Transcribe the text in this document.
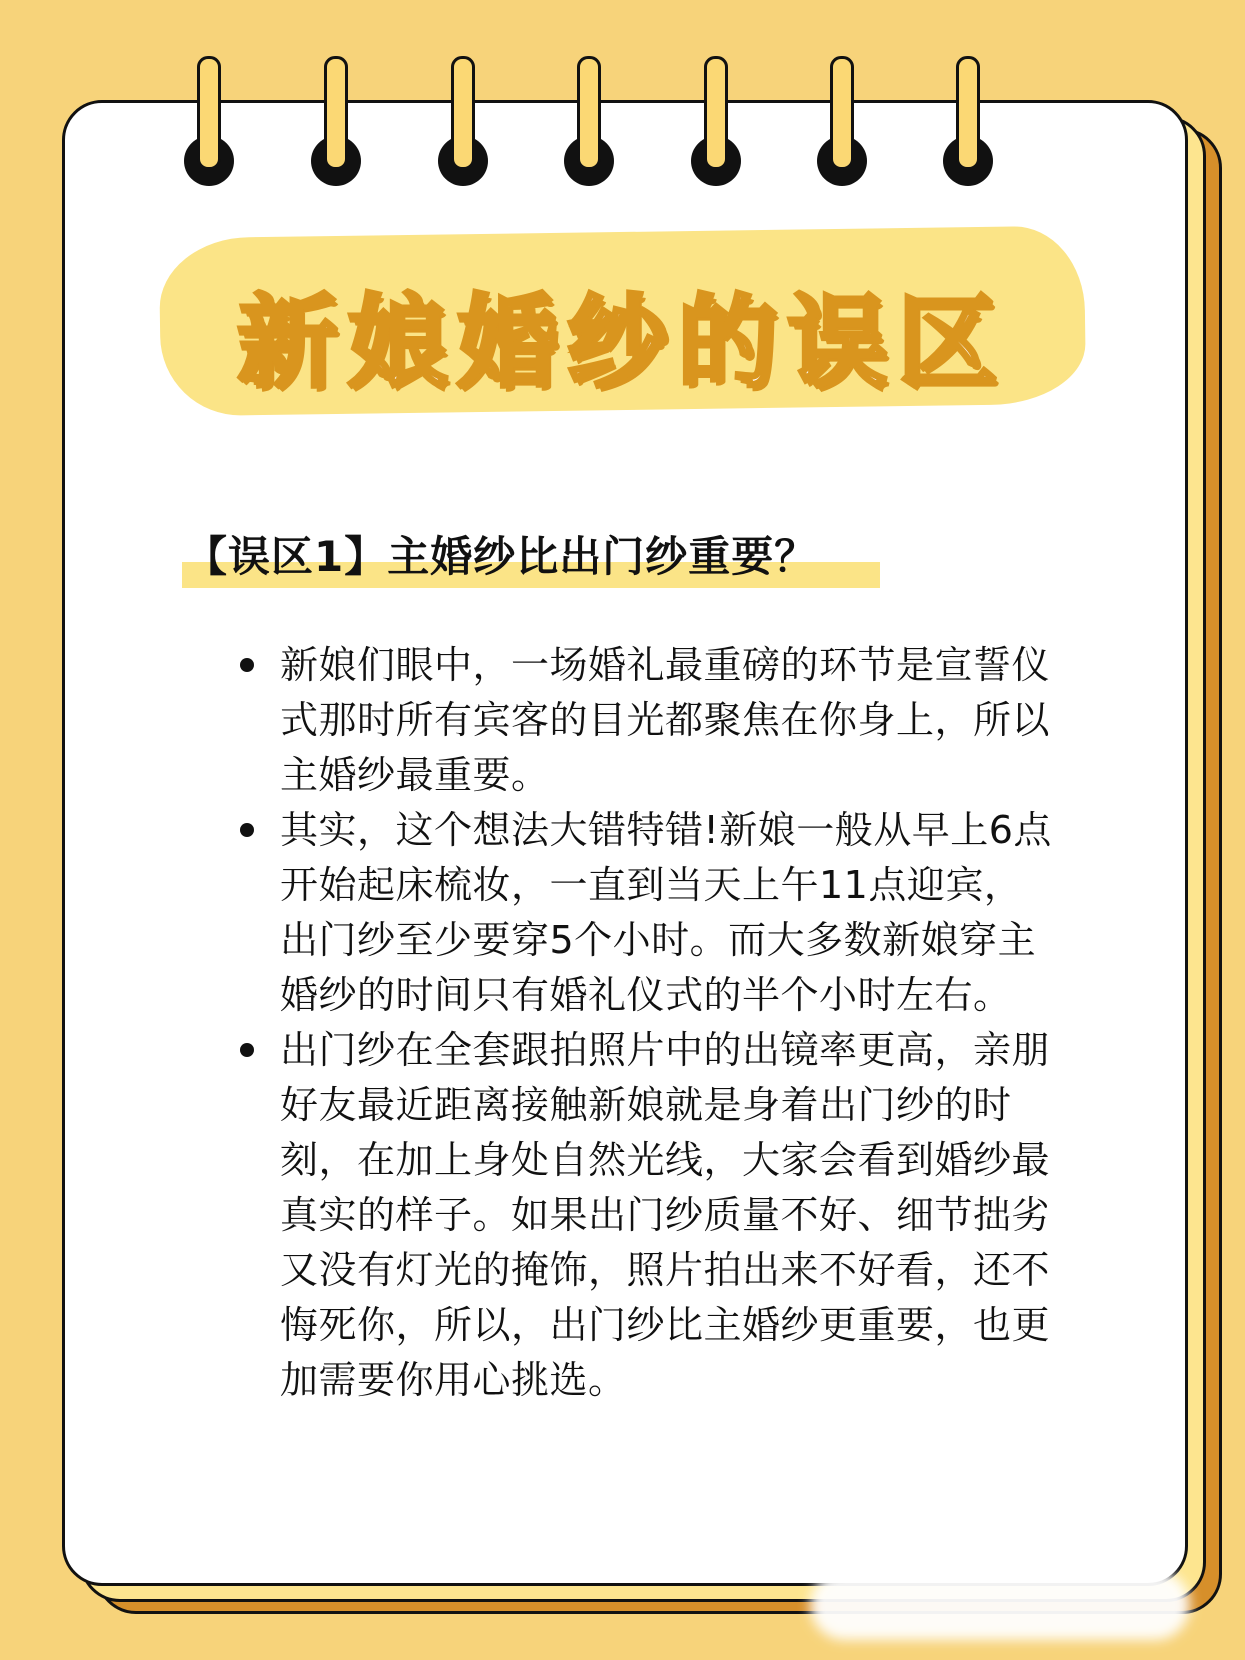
新娘婚纱的误区
【误区1】主婚纱比出门纱重要？
新娘们眼中，一场婚礼最重磅的环节是宣誓仪式那时所有宾客的目光都聚焦在你身上，所以主婚纱最重要。
其实，这个想法大错特错!新娘一般从早上6点开始起床梳妆，一直到当天上午11点迎宾，出门纱至少要穿5个小时。而大多数新娘穿主婚纱的时间只有婚礼仪式的半个小时左右。
出门纱在全套跟拍照片中的出镜率更高，亲朋好友最近距离接触新娘就是身着出门纱的时刻，在加上身处自然光线，大家会看到婚纱最真实的样子。如果出门纱质量不好、细节拙劣又没有灯光的掩饰，照片拍出来不好看，还不悔死你，所以，出门纱比主婚纱更重要，也更加需要你用心挑选。
